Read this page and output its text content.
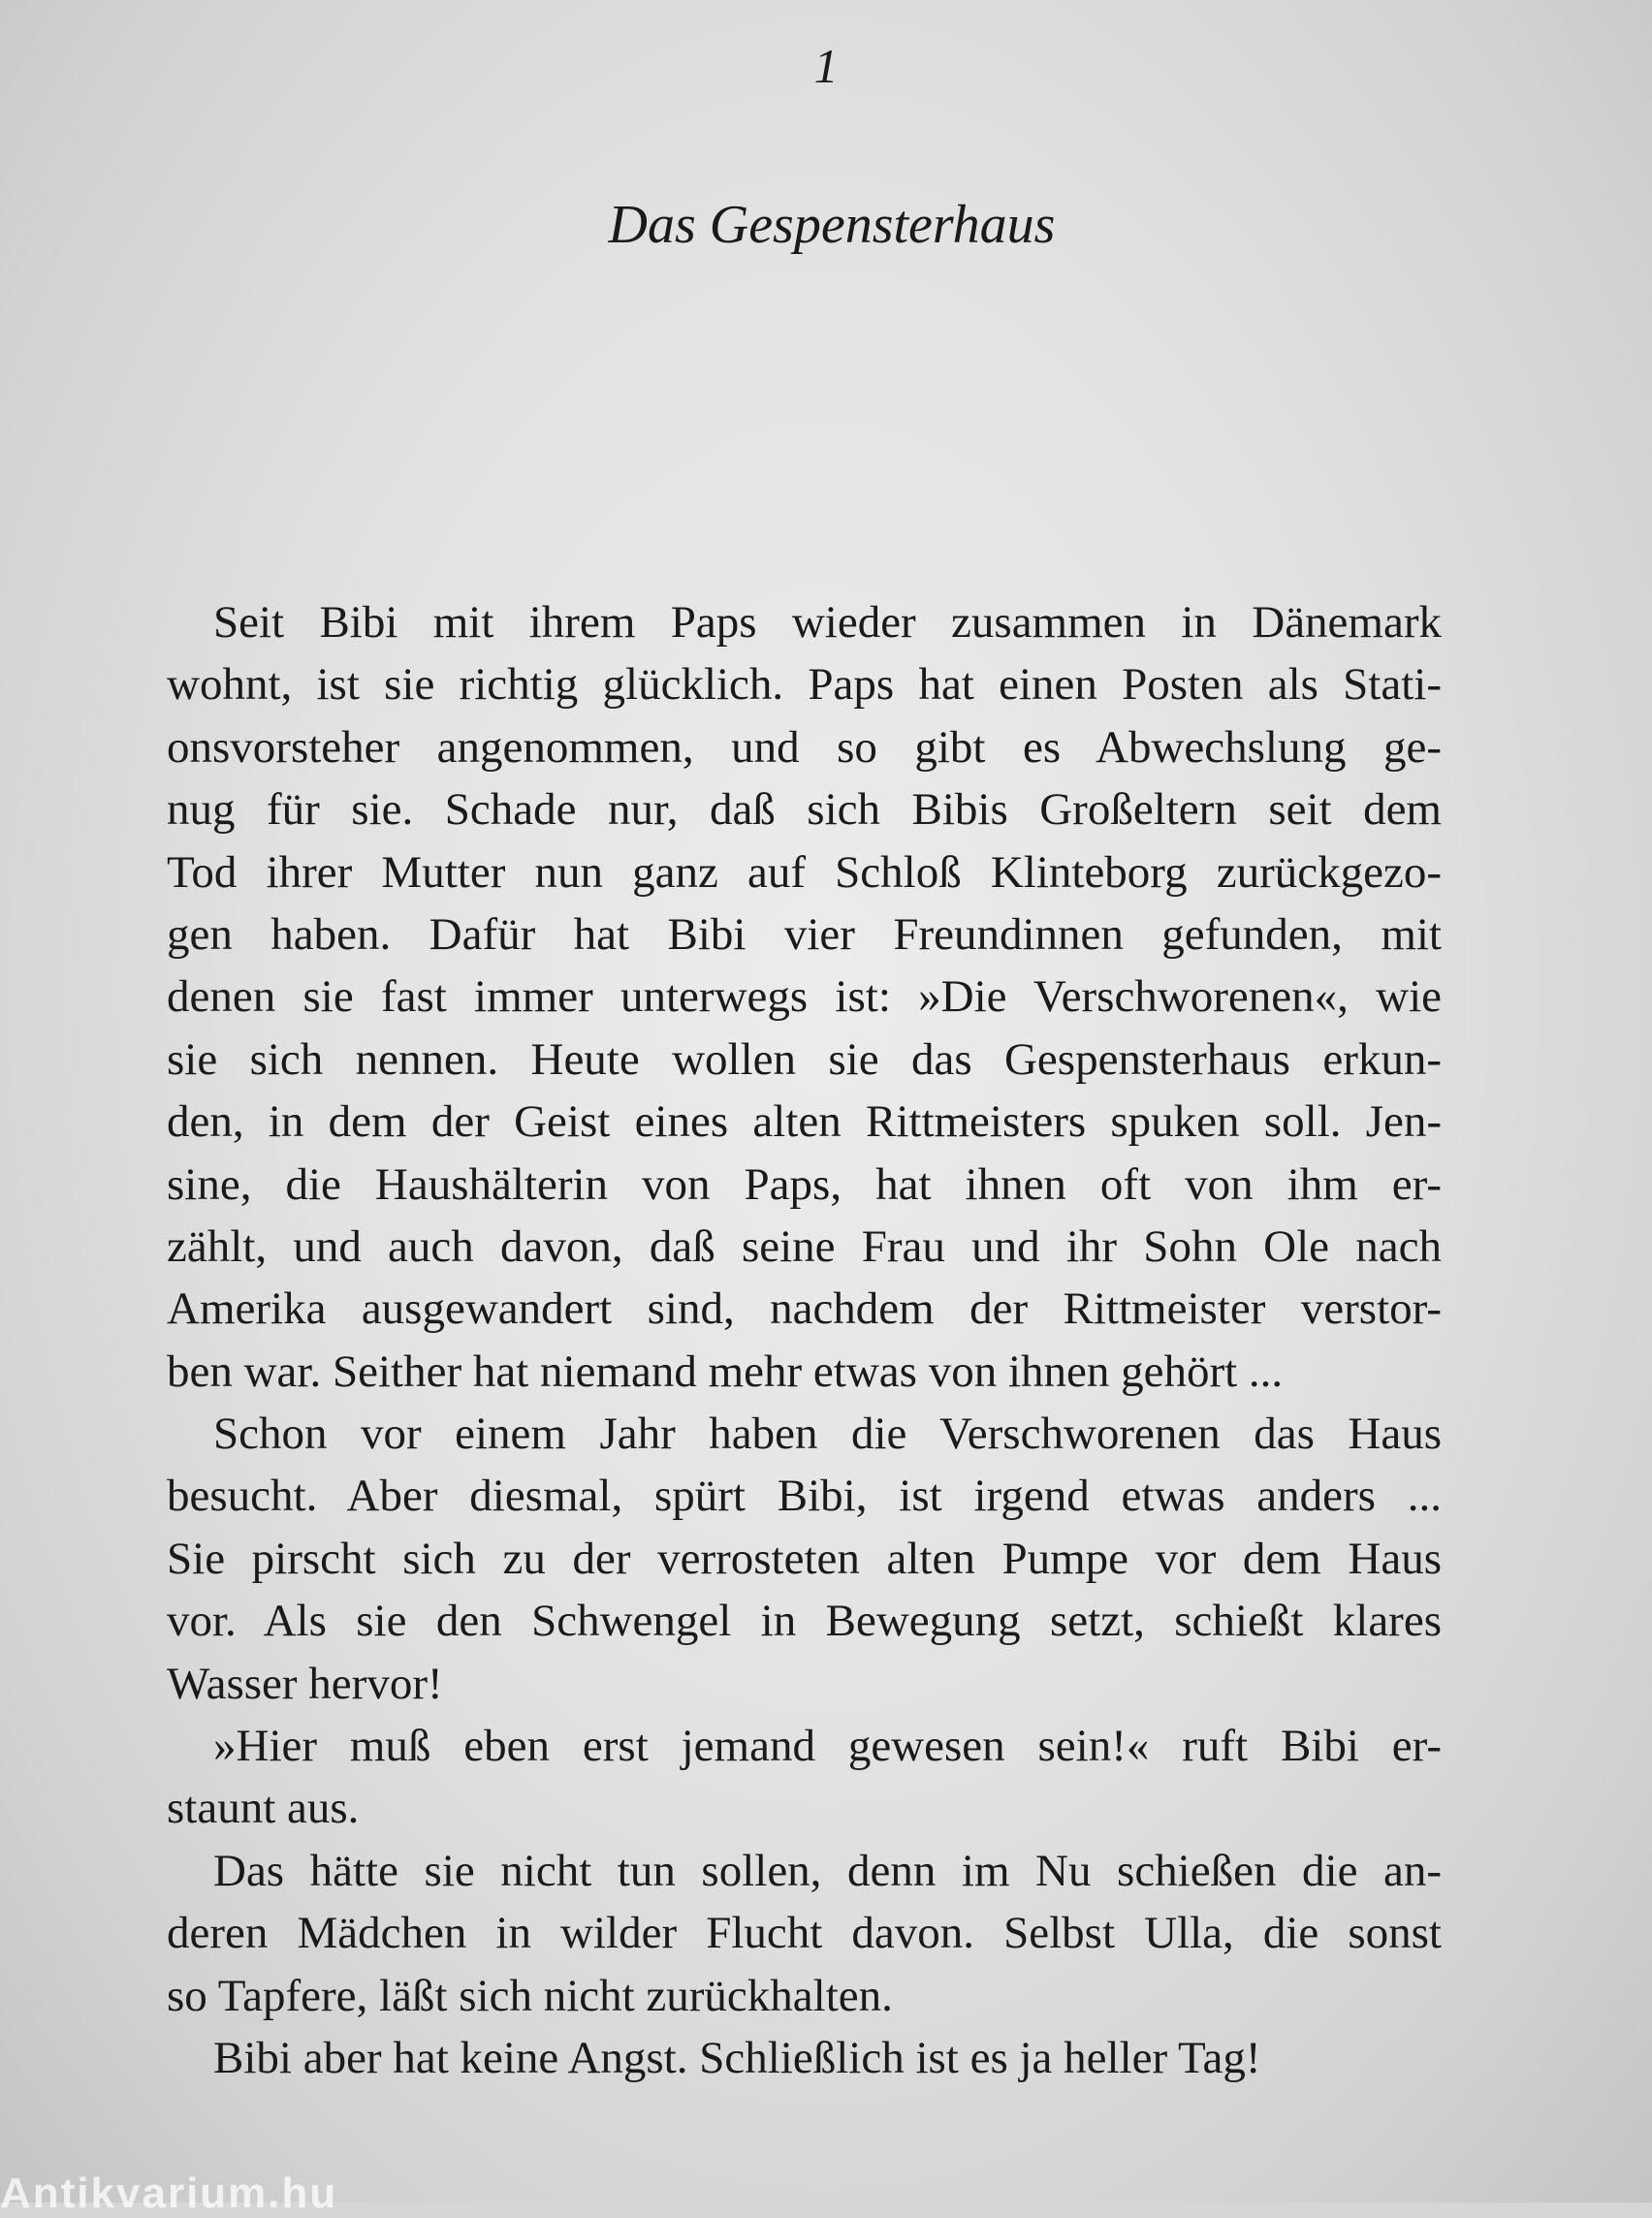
1
Das Gespensterhaus
Seit Bibi mit ihrem Paps wieder zusammen in Dänemark
wohnt, ist sie richtig glücklich. Paps hat einen Posten als Stati-
onsvorsteher angenommen, und so gibt es Abwechslung ge-
nug für sie. Schade nur, daß sich Bibis Großeltern seit dem
Tod ihrer Mutter nun ganz auf Schloß Klinteborg zurückgezo-
gen haben. Dafür hat Bibi vier Freundinnen gefunden, mit
denen sie fast immer unterwegs ist: »Die Verschworenen«, wie
sie sich nennen. Heute wollen sie das Gespensterhaus erkun-
den, in dem der Geist eines alten Rittmeisters spuken soll. Jen-
sine, die Haushälterin von Paps, hat ihnen oft von ihm er-
zählt, und auch davon, daß seine Frau und ihr Sohn Ole nach
Amerika ausgewandert sind, nachdem der Rittmeister verstor-
ben war. Seither hat niemand mehr etwas von ihnen gehört ...
Schon vor einem Jahr haben die Verschworenen das Haus
besucht. Aber diesmal, spürt Bibi, ist irgend etwas anders ...
Sie pirscht sich zu der verrosteten alten Pumpe vor dem Haus
vor. Als sie den Schwengel in Bewegung setzt, schießt klares
Wasser hervor!
»Hier muß eben erst jemand gewesen sein!« ruft Bibi er-
staunt aus.
Das hätte sie nicht tun sollen, denn im Nu schießen die an-
deren Mädchen in wilder Flucht davon. Selbst Ulla, die sonst
so Tapfere, läßt sich nicht zurückhalten.
Bibi aber hat keine Angst. Schließlich ist es ja heller Tag!
Antikvarium.hu
